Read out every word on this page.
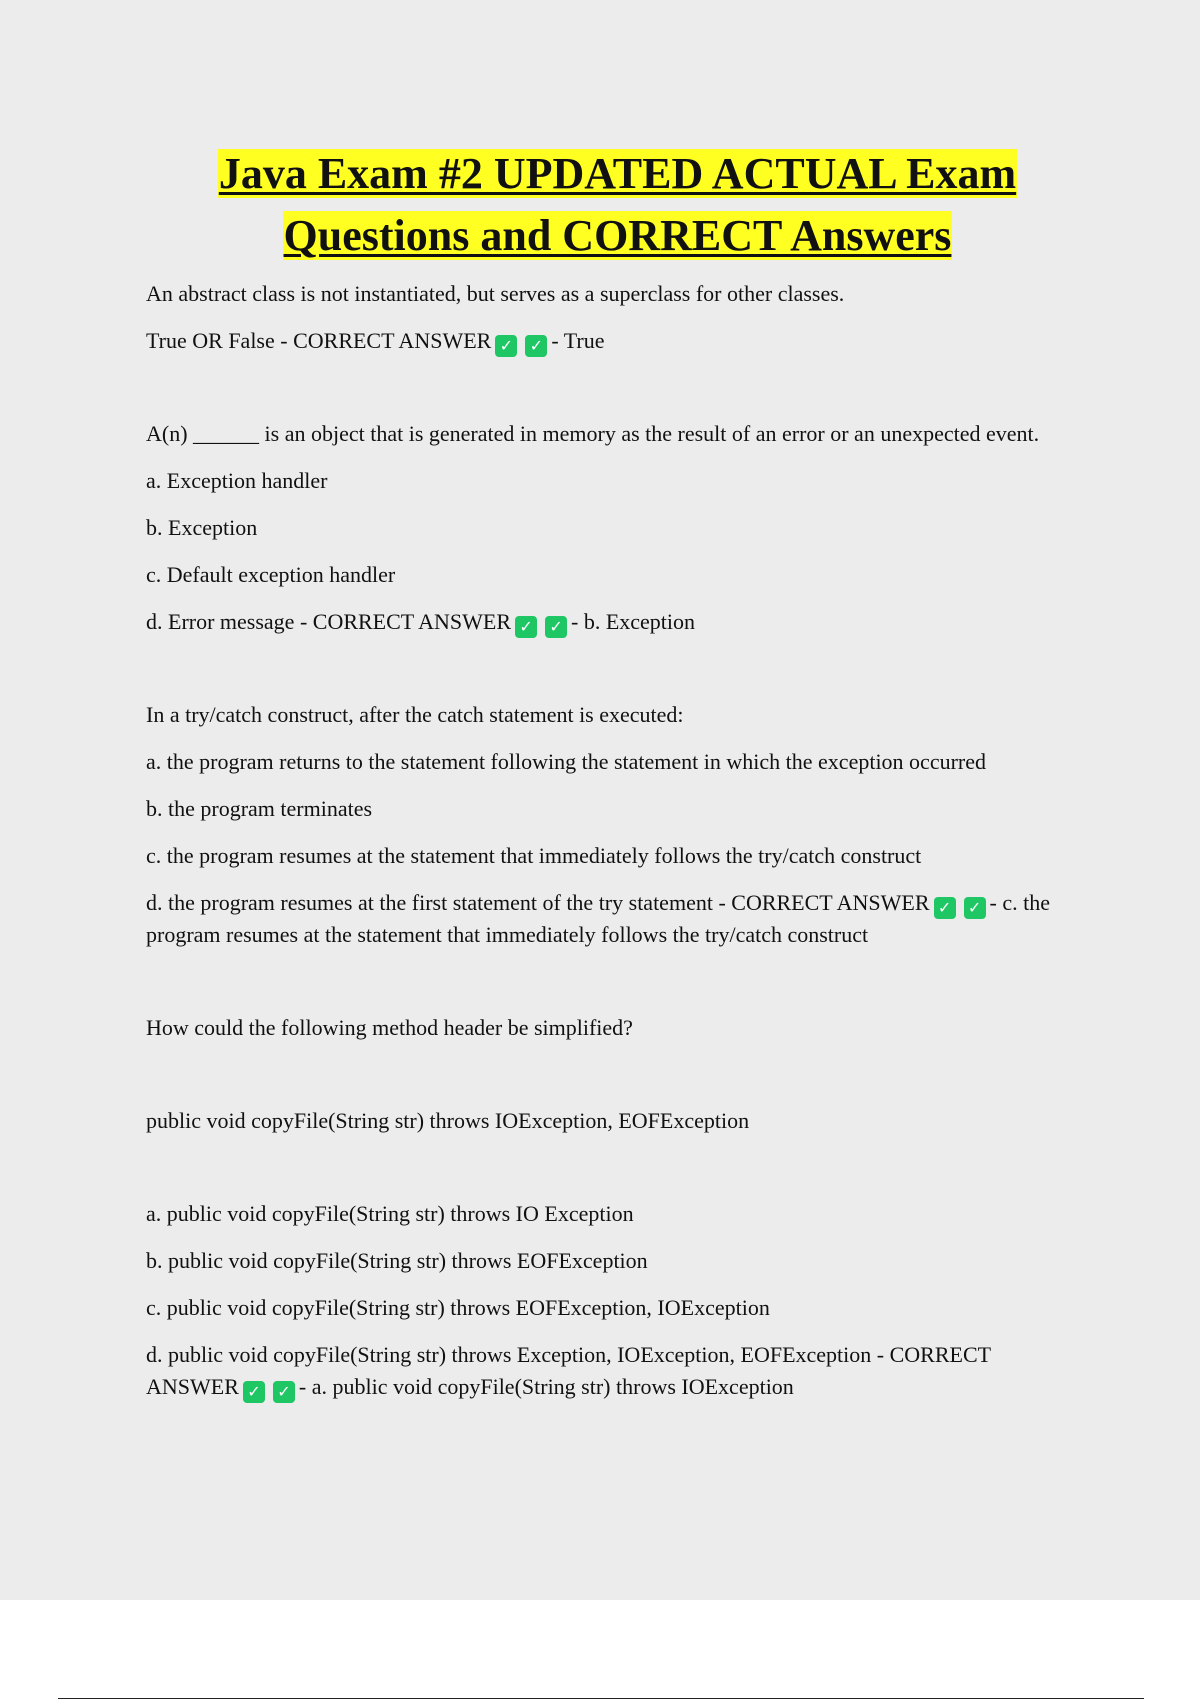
Java Exam #2 UPDATED ACTUAL Exam
Questions and CORRECT Answers

An abstract class is not instantiated, but serves as a superclass for other classes.

True OR False - CORRECT ANSWER ✓ ✓ - True

A(n) ______ is an object that is generated in memory as the result of an error or an unexpected event.

a. Exception handler

b. Exception

c. Default exception handler

d. Error message - CORRECT ANSWER ✓ ✓ - b. Exception

In a try/catch construct, after the catch statement is executed:

a. the program returns to the statement following the statement in which the exception occurred

b. the program terminates

c. the program resumes at the statement that immediately follows the try/catch construct

d. the program resumes at the first statement of the try statement - CORRECT ANSWER ✓ ✓ - c. the program resumes at the statement that immediately follows the try/catch construct

How could the following method header be simplified?

public void copyFile(String str) throws IOException, EOFException

a. public void copyFile(String str) throws IO Exception

b. public void copyFile(String str) throws EOFException

c. public void copyFile(String str) throws EOFException, IOException

d. public void copyFile(String str) throws Exception, IOException, EOFException - CORRECT ANSWER ✓ ✓ - a. public void copyFile(String str) throws IOException
